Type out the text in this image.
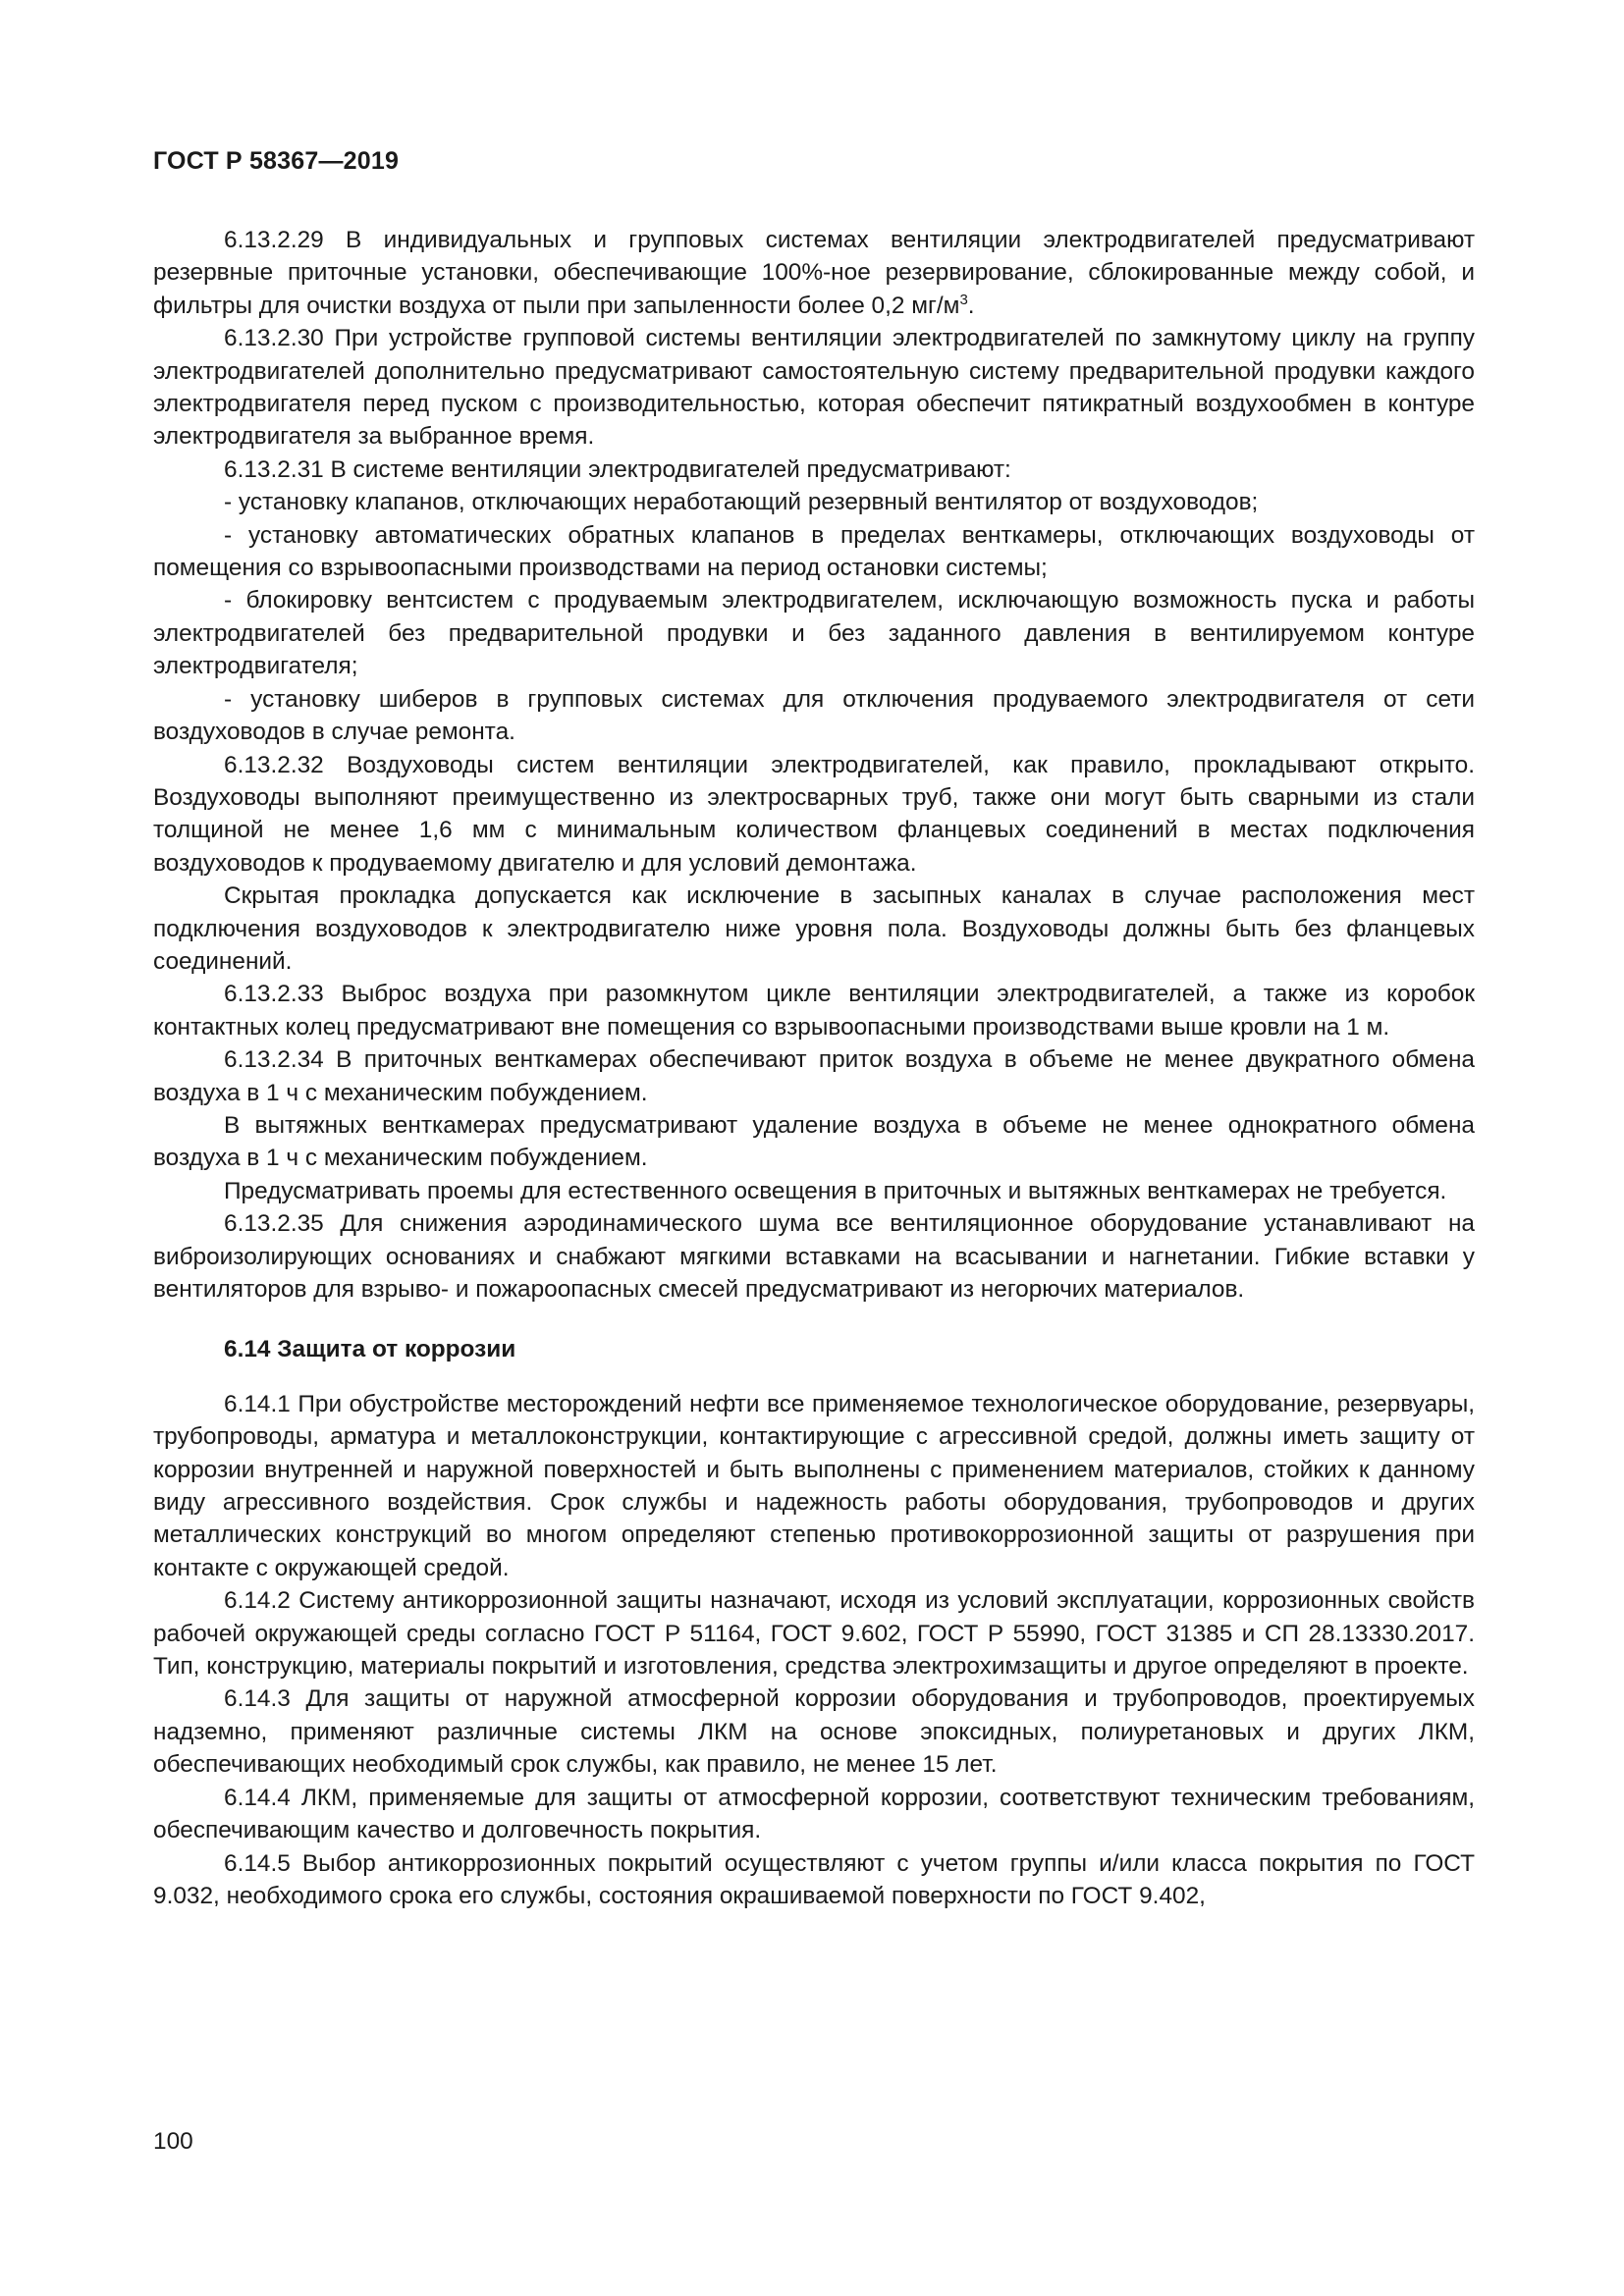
ГОСТ Р 58367—2019

6.13.2.29 В индивидуальных и групповых системах вентиляции электродвигателей предусматривают резервные приточные установки, обеспечивающие 100%-ное резервирование, сблокированные между собой, и фильтры для очистки воздуха от пыли при запыленности более 0,2 $мг/м^3$.

6.13.2.30 При устройстве групповой системы вентиляции электродвигателей по замкнутому циклу на группу электродвигателей дополнительно предусматривают самостоятельную систему предварительной продувки каждого электродвигателя перед пуском с производительностью, которая обеспечит пятикратный воздухообмен в контуре электродвигателя за выбранное время.

6.13.2.31 В системе вентиляции электродвигателей предусматривают:

- установку клапанов, отключающих неработающий резервный вентилятор от воздуховодов;

- установку автоматических обратных клапанов в пределах венткамеры, отключающих воздуховоды от помещения со взрывоопасными производствами на период остановки системы;

- блокировку вентсистем с продуваемым электродвигателем, исключающую возможность пуска и работы электродвигателей без предварительной продувки и без заданного давления в вентилируемом контуре электродвигателя;

- установку шиберов в групповых системах для отключения продуваемого электродвигателя от сети воздуховодов в случае ремонта.

6.13.2.32 Воздуховоды систем вентиляции электродвигателей, как правило, прокладывают открыто. Воздуховоды выполняют преимущественно из электросварных труб, также они могут быть сварными из стали толщиной не менее 1,6 мм с минимальным количеством фланцевых соединений в местах подключения воздуховодов к продуваемому двигателю и для условий демонтажа.

Скрытая прокладка допускается как исключение в засыпных каналах в случае расположения мест подключения воздуховодов к электродвигателю ниже уровня пола. Воздуховоды должны быть без фланцевых соединений.

6.13.2.33 Выброс воздуха при разомкнутом цикле вентиляции электродвигателей, а также из коробок контактных колец предусматривают вне помещения со взрывоопасными производствами выше кровли на 1 м.

6.13.2.34 В приточных венткамерах обеспечивают приток воздуха в объеме не менее двукратного обмена воздуха в 1 ч с механическим побуждением.

В вытяжных венткамерах предусматривают удаление воздуха в объеме не менее однократного обмена воздуха в 1 ч с механическим побуждением.

Предусматривать проемы для естественного освещения в приточных и вытяжных венткамерах не требуется.

6.13.2.35 Для снижения аэродинамического шума все вентиляционное оборудование устанавливают на виброизолирующих основаниях и снабжают мягкими вставками на всасывании и нагнетании. Гибкие вставки у вентиляторов для взрыво- и пожароопасных смесей предусматривают из негорючих материалов.

6.14 Защита от коррозии

6.14.1 При обустройстве месторождений нефти все применяемое технологическое оборудование, резервуары, трубопроводы, арматура и металлоконструкции, контактирующие с агрессивной средой, должны иметь защиту от коррозии внутренней и наружной поверхностей и быть выполнены с применением материалов, стойких к данному виду агрессивного воздействия. Срок службы и надежность работы оборудования, трубопроводов и других металлических конструкций во многом определяют степенью противокоррозионной защиты от разрушения при контакте с окружающей средой.

6.14.2 Систему антикоррозионной защиты назначают, исходя из условий эксплуатации, коррозионных свойств рабочей окружающей среды согласно ГОСТ Р 51164, ГОСТ 9.602, ГОСТ Р 55990, ГОСТ 31385 и СП 28.13330.2017. Тип, конструкцию, материалы покрытий и изготовления, средства электрохимзащиты и другое определяют в проекте.

6.14.3 Для защиты от наружной атмосферной коррозии оборудования и трубопроводов, проектируемых надземно, применяют различные системы ЛКМ на основе эпоксидных, полиуретановых и других ЛКМ, обеспечивающих необходимый срок службы, как правило, не менее 15 лет.

6.14.4 ЛКМ, применяемые для защиты от атмосферной коррозии, соответствуют техническим требованиям, обеспечивающим качество и долговечность покрытия.

6.14.5 Выбор антикоррозионных покрытий осуществляют с учетом группы и/или класса покрытия по ГОСТ 9.032, необходимого срока его службы, состояния окрашиваемой поверхности по ГОСТ 9.402,

100
